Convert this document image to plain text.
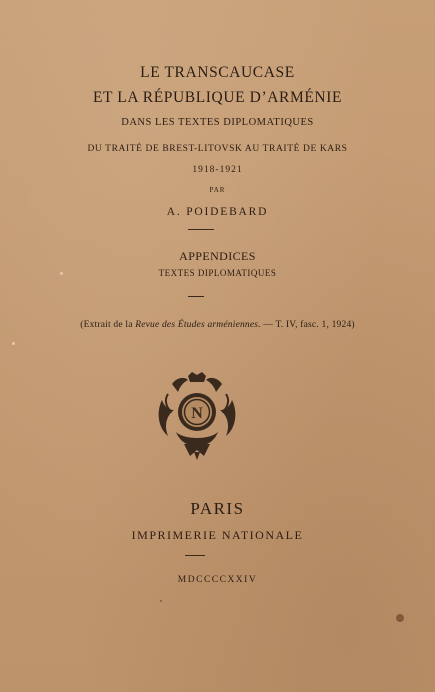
LE TRANSCAUCASE
ET LA RÉPUBLIQUE D’ARMÉNIE
DANS LES TEXTES DIPLOMATIQUES
DU TRAITÉ DE BREST-LITOVSK AU TRAITÉ DE KARS
1918-1921
PAR
A. POIDEBARD
APPENDICES
TEXTES DIPLOMATIQUES
(Extrait de la Revue des Études arméniennes. — T. IV, fasc. 1, 1924)
N
PARIS
IMPRIMERIE NATIONALE
MDCCCCXXIV
